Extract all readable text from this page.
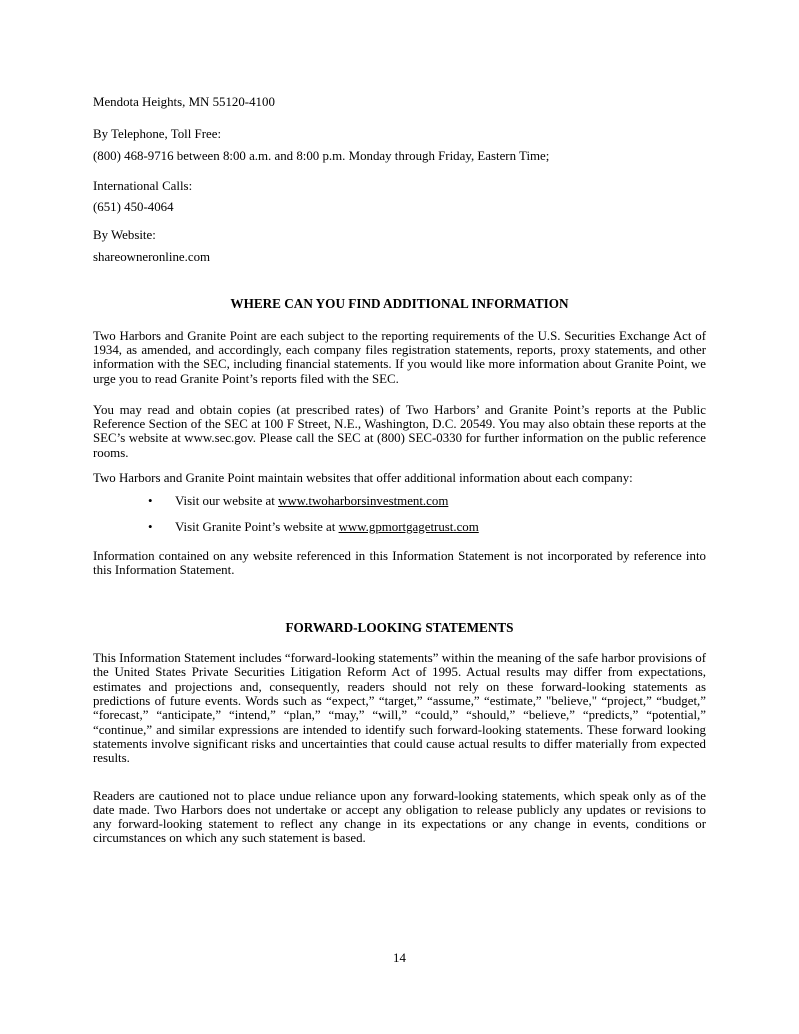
Mendota Heights, MN 55120-4100

By Telephone, Toll Free:

(800) 468-9716 between 8:00 a.m. and 8:00 p.m. Monday through Friday, Eastern Time;

International Calls:

(651) 450-4064

By Website:

shareowneronline.com

WHERE CAN YOU FIND ADDITIONAL INFORMATION

Two Harbors and Granite Point are each subject to the reporting requirements of the U.S. Securities Exchange Act of 1934, as amended, and accordingly, each company files registration statements, reports, proxy statements, and other information with the SEC, including financial statements. If you would like more information about Granite Point, we urge you to read Granite Point’s reports filed with the SEC.

You may read and obtain copies (at prescribed rates) of Two Harbors’ and Granite Point’s reports at the Public Reference Section of the SEC at 100 F Street, N.E., Washington, D.C. 20549. You may also obtain these reports at the SEC’s website at www.sec.gov. Please call the SEC at (800) SEC-0330 for further information on the public reference rooms.

Two Harbors and Granite Point maintain websites that offer additional information about each company:

•	Visit our website at www.twoharborsinvestment.com
•	Visit Granite Point’s website at www.gpmortgagetrust.com

Information contained on any website referenced in this Information Statement is not incorporated by reference into this Information Statement.

FORWARD-LOOKING STATEMENTS

This Information Statement includes “forward-looking statements” within the meaning of the safe harbor provisions of the United States Private Securities Litigation Reform Act of 1995. Actual results may differ from expectations, estimates and projections and, consequently, readers should not rely on these forward-looking statements as predictions of future events. Words such as “expect,” “target,” “assume,” “estimate,” "believe," “project,” “budget,” “forecast,” “anticipate,” “intend,” “plan,” “may,” “will,” “could,” “should,” “believe,” “predicts,” “potential,” “continue,” and similar expressions are intended to identify such forward-looking statements. These forward looking statements involve significant risks and uncertainties that could cause actual results to differ materially from expected results.

Readers are cautioned not to place undue reliance upon any forward-looking statements, which speak only as of the date made. Two Harbors does not undertake or accept any obligation to release publicly any updates or revisions to any forward-looking statement to reflect any change in its expectations or any change in events, conditions or circumstances on which any such statement is based.

14
